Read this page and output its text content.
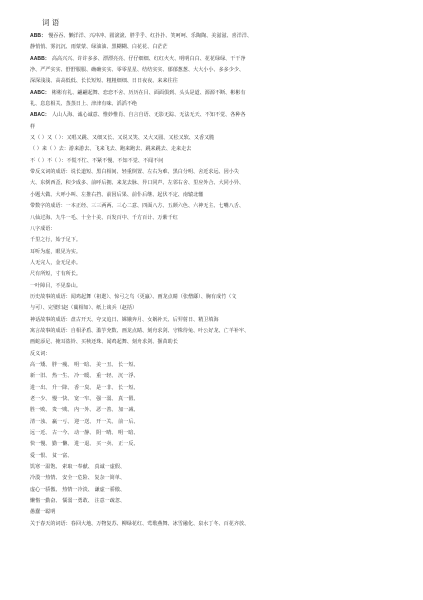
词 语
ABB： 慢吞吞、懒洋洋、兴冲冲、圆滚滚、胖乎乎、红扑扑、笑呵呵、乐陶陶、美滋滋、喜洋洋、
静悄悄、雾沉沉、雨蒙蒙、绿油油、黑糊糊、白花花、白茫茫
AABB： 高高兴兴、许许多多、漂漂亮亮、仔仔细细、红红火火、明明白白、花花绿绿、干干净
净、严严实实、舒舒服服、确确实实、零零星星、结结实实、郁郁葱葱、大大小小、多多少少、
深深浅浅、高高低低、长长短短、粗粗细细、日日夜夜、来来往往
AABC： 彬彬有礼、翩翩起舞、恋恋不舍、历历在目、面面俱到、头头是道、源源不断、彬彬有
礼、息息相关、蒸蒸日上、津津有味、滔滔不绝
ABAC： 人山人海、诚心诚意、惟妙惟肖、自言自语、无影无踪、无法无天、不知不觉、各种各
样
又（ ）又（ ）：又唱又跳、又细又长、又说又笑、又大又圆、又松又软、又香又脆
（ ）来（ ）去：游来游去、飞来飞去、跑来跑去、跳来跳去、走来走去
不（ ）不（ ）：不慌不忙、不紧不慢、不知不觉、不闻不问
带反义词的成语：说长道短、黑白相间、轻重倒置、左右为难、黑白分明、舍近求远、因小失
大、东倒西歪、积少成多、前呼后拥、来龙去脉、异口同声、左邻右舍、里应外合、大同小异、
小题大做、大呼小叫、左推右挡、前因后果、前仆后继、起伏不定、南辕北辙
带数字的成语：一本正经、三三两两、三心二意、四面八方、五颜六色、六神无主、七嘴八舌、
八仙过海、九牛一毛、十全十美、百发百中、千方百计、万紫千红
八字成语：
千里之行，始于足下。
耳听为虚，眼见为实。
人无完人，金无足赤。
尺有所短，寸有所长。
一叶障目，不见泰山。
历史故事的成语：闻鸡起舞（祖逖）、惊弓之鸟（更羸）、画龙点睛（张僧繇）、胸有成竹（文
与可）、完璧归赵（蔺相如）、纸上谈兵（赵括）
神话故事的成语：盘古开天、夸父追日、嫦娥奔月、女娲补天、后羿射日、精卫填海
寓言故事的成语：自相矛盾、滥竽充数、画龙点睛、刻舟求剑、守株待兔、叶公好龙、亡羊补牢、
画蛇添足、掩耳盗铃、买椟还珠、闻鸡起舞、刻舟求剑、揠苗助长
反义词：
高一矮、 胖一瘦、 明一暗、 美一丑、 长一短、
新一旧、 热一生、 冷一暖、 重一轻、 沉一浮、
进一出、 升一降、 香一臭、 是一非、 长一短、
老一少、 慢一快、 宽一窄、 强一弱、 真一假、
胜一败、 贵一贱、 内一外、 恶一善、 加一减、
清一浊、 赢一亏、 迎一送、 开一关、 前一后、
远一近、 古一今、 动一静、 阴一晴、 明一暗、
快一慢、 勤一懒、 进一退、 买一卖、 正一反、
爱一恨、 贫一富、
饥寒一温饱、 索取一奉献、 真诚一虚假、
冷漠一热情、 安全一危险、 复杂一简单、
虚心一骄傲、 热情一冷淡、 谦虚一骄傲、
懒惰一勤奋、 懦弱一勇敢、 注意一疏忽、
愚蠢一聪明
关于春天的词语：春回大地、万物复苏、柳绿花红、莺歌燕舞、冰雪融化、泉水丁冬、百花齐放、
